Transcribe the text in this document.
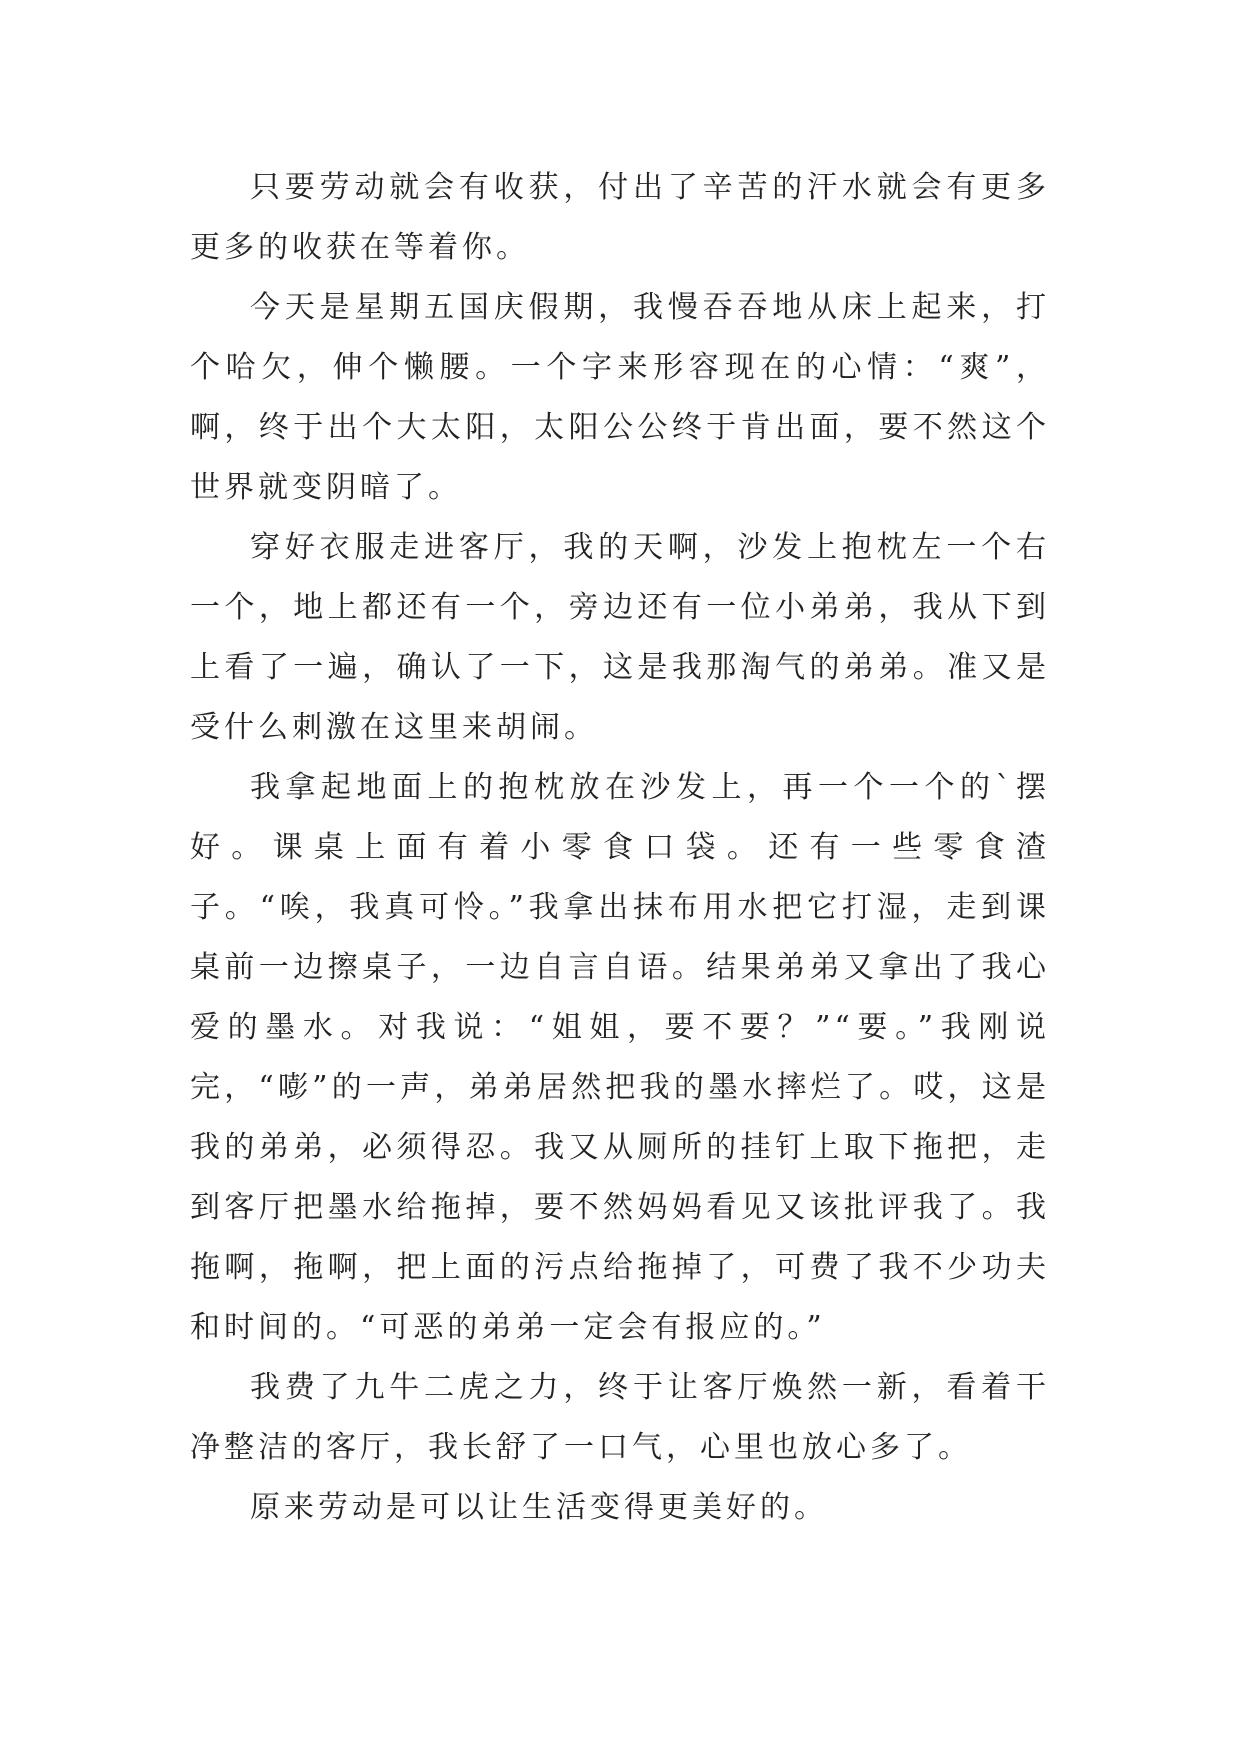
只要劳动就会有收获，付出了辛苦的汗水就会有更多更多的收获在等着你。

今天是星期五国庆假期，我慢吞吞地从床上起来，打个哈欠，伸个懒腰。一个字来形容现在的心情：“爽”，啊，终于出个大太阳，太阳公公终于肯出面，要不然这个世界就变阴暗了。

穿好衣服走进客厅，我的天啊，沙发上抱枕左一个右一个，地上都还有一个，旁边还有一位小弟弟，我从下到上看了一遍，确认了一下，这是我那淘气的弟弟。准又是受什么刺激在这里来胡闹。

我拿起地面上的抱枕放在沙发上，再一个一个的`摆好。课桌上面有着小零食口袋。还有一些零食渣子。“唉，我真可怜。”我拿出抹布用水把它打湿，走到课桌前一边擦桌子，一边自言自语。结果弟弟又拿出了我心爱的墨水。对我说：“姐姐，要不要？”“要。”我刚说完，“嘭”的一声，弟弟居然把我的墨水摔烂了。哎，这是我的弟弟，必须得忍。我又从厕所的挂钉上取下拖把，走到客厅把墨水给拖掉，要不然妈妈看见又该批评我了。我拖啊，拖啊，把上面的污点给拖掉了，可费了我不少功夫和时间的。“可恶的弟弟一定会有报应的。”

我费了九牛二虎之力，终于让客厅焕然一新，看着干净整洁的客厅，我长舒了一口气，心里也放心多了。

原来劳动是可以让生活变得更美好的。
